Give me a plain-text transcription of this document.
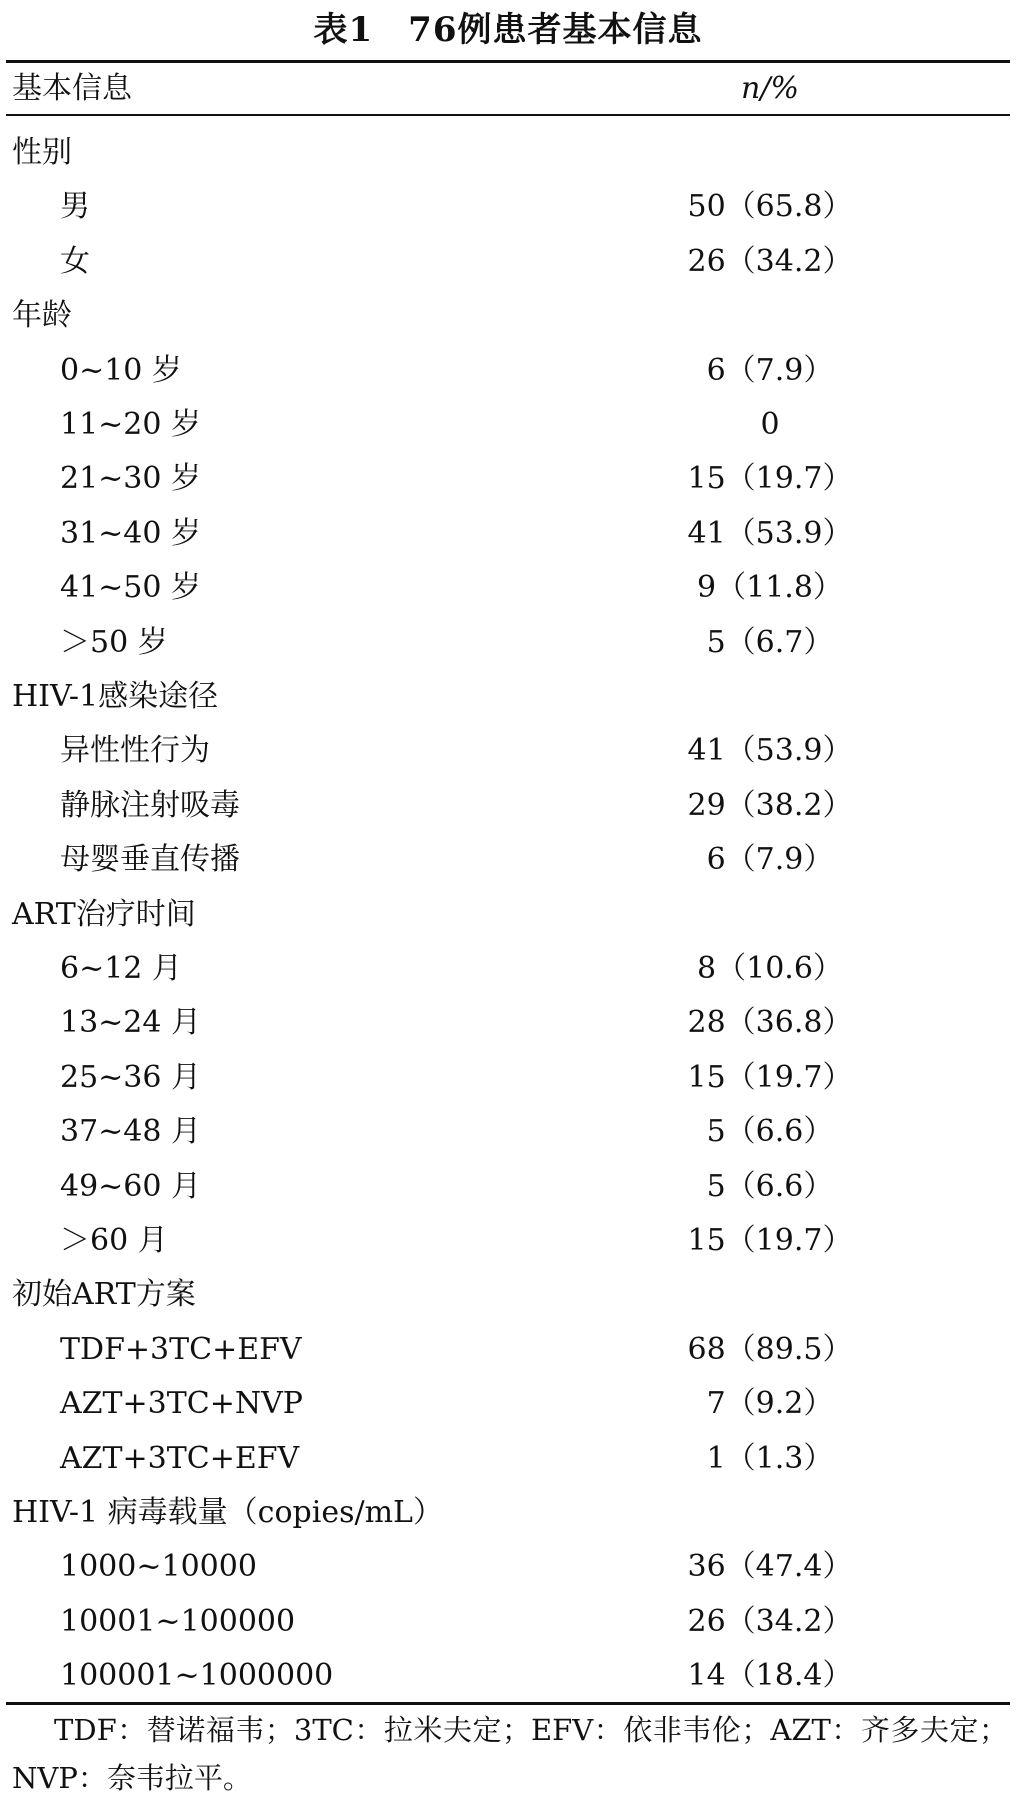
表1　76例患者基本信息
基本信息	n/%
性别
男	50（65.8）
女	26（34.2）
年龄
0~10 岁	6（7.9）
11~20 岁	0
21~30 岁	15（19.7）
31~40 岁	41（53.9）
41~50 岁	9（11.8）
＞50 岁	5（6.7）
HIV-1感染途径
异性性行为	41（53.9）
静脉注射吸毒	29（38.2）
母婴垂直传播	6（7.9）
ART治疗时间
6~12 月	8（10.6）
13~24 月	28（36.8）
25~36 月	15（19.7）
37~48 月	5（6.6）
49~60 月	5（6.6）
＞60 月	15（19.7）
初始ART方案
TDF+3TC+EFV	68（89.5）
AZT+3TC+NVP	7（9.2）
AZT+3TC+EFV	1（1.3）
HIV-1 病毒载量（copies/mL）
1000~10000	36（47.4）
10001~100000	26（34.2）
100001~1000000	14（18.4）
TDF：替诺福韦；3TC：拉米夫定；EFV：依非韦伦；AZT：齐多夫定；NVP：奈韦拉平。
